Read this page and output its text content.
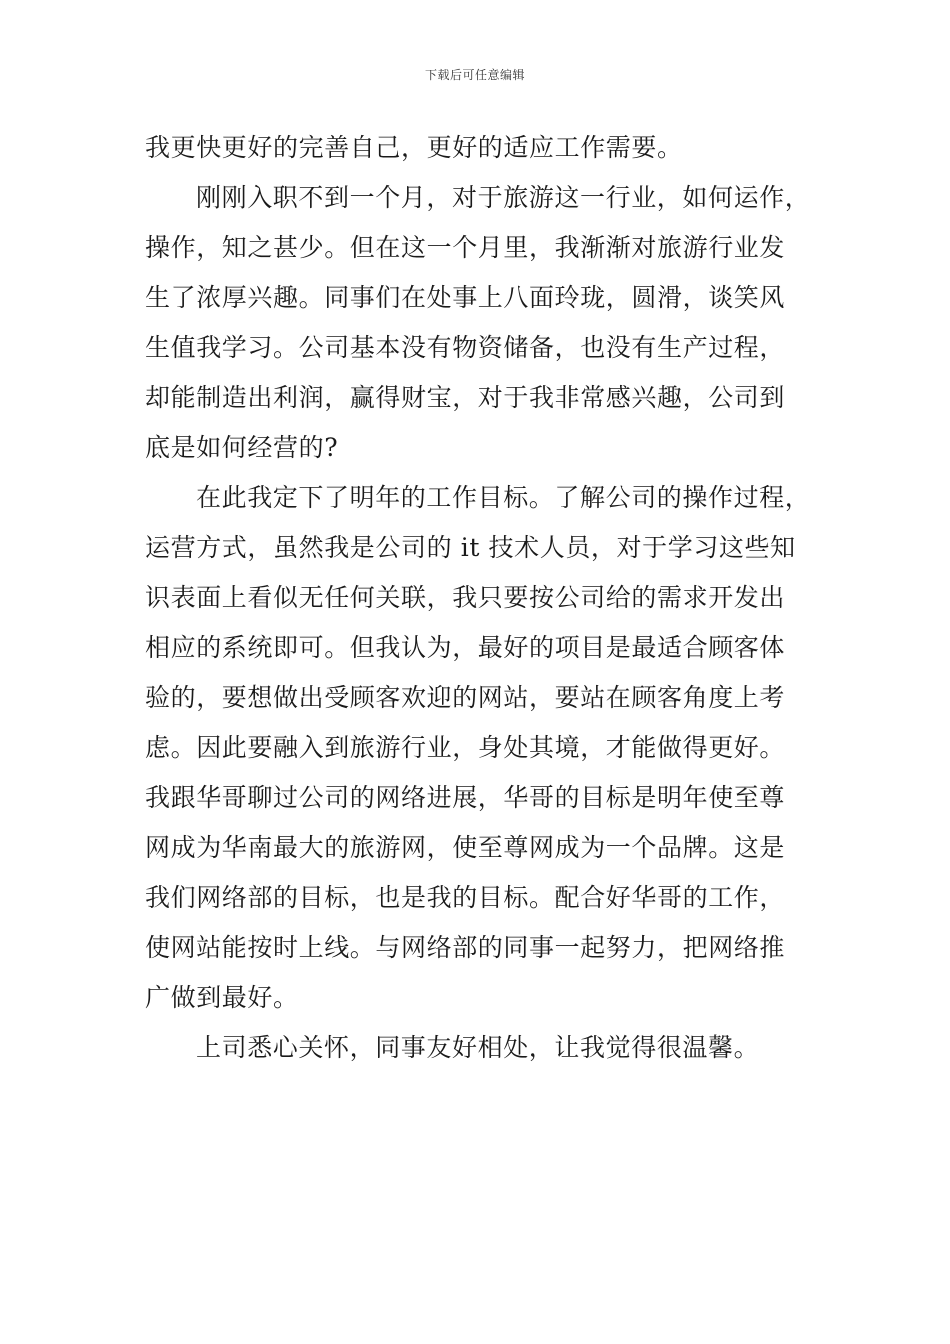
下载后可任意编辑
我更快更好的完善自己，更好的适应工作需要。
刚刚入职不到一个月，对于旅游这一行业，如何运作，
操作，知之甚少。但在这一个月里，我渐渐对旅游行业发
生了浓厚兴趣。同事们在处事上八面玲珑，圆滑，谈笑风
生值我学习。公司基本没有物资储备，也没有生产过程，
却能制造出利润，赢得财宝，对于我非常感兴趣，公司到
底是如何经营的?
在此我定下了明年的工作目标。了解公司的操作过程，
运营方式，虽然我是公司的 it 技术人员，对于学习这些知
识表面上看似无任何关联，我只要按公司给的需求开发出
相应的系统即可。但我认为，最好的项目是最适合顾客体
验的，要想做出受顾客欢迎的网站，要站在顾客角度上考
虑。因此要融入到旅游行业，身处其境，才能做得更好。
我跟华哥聊过公司的网络进展，华哥的目标是明年使至尊
网成为华南最大的旅游网，使至尊网成为一个品牌。这是
我们网络部的目标，也是我的目标。配合好华哥的工作，
使网站能按时上线。与网络部的同事一起努力，把网络推
广做到最好。
上司悉心关怀，同事友好相处，让我觉得很温馨。
